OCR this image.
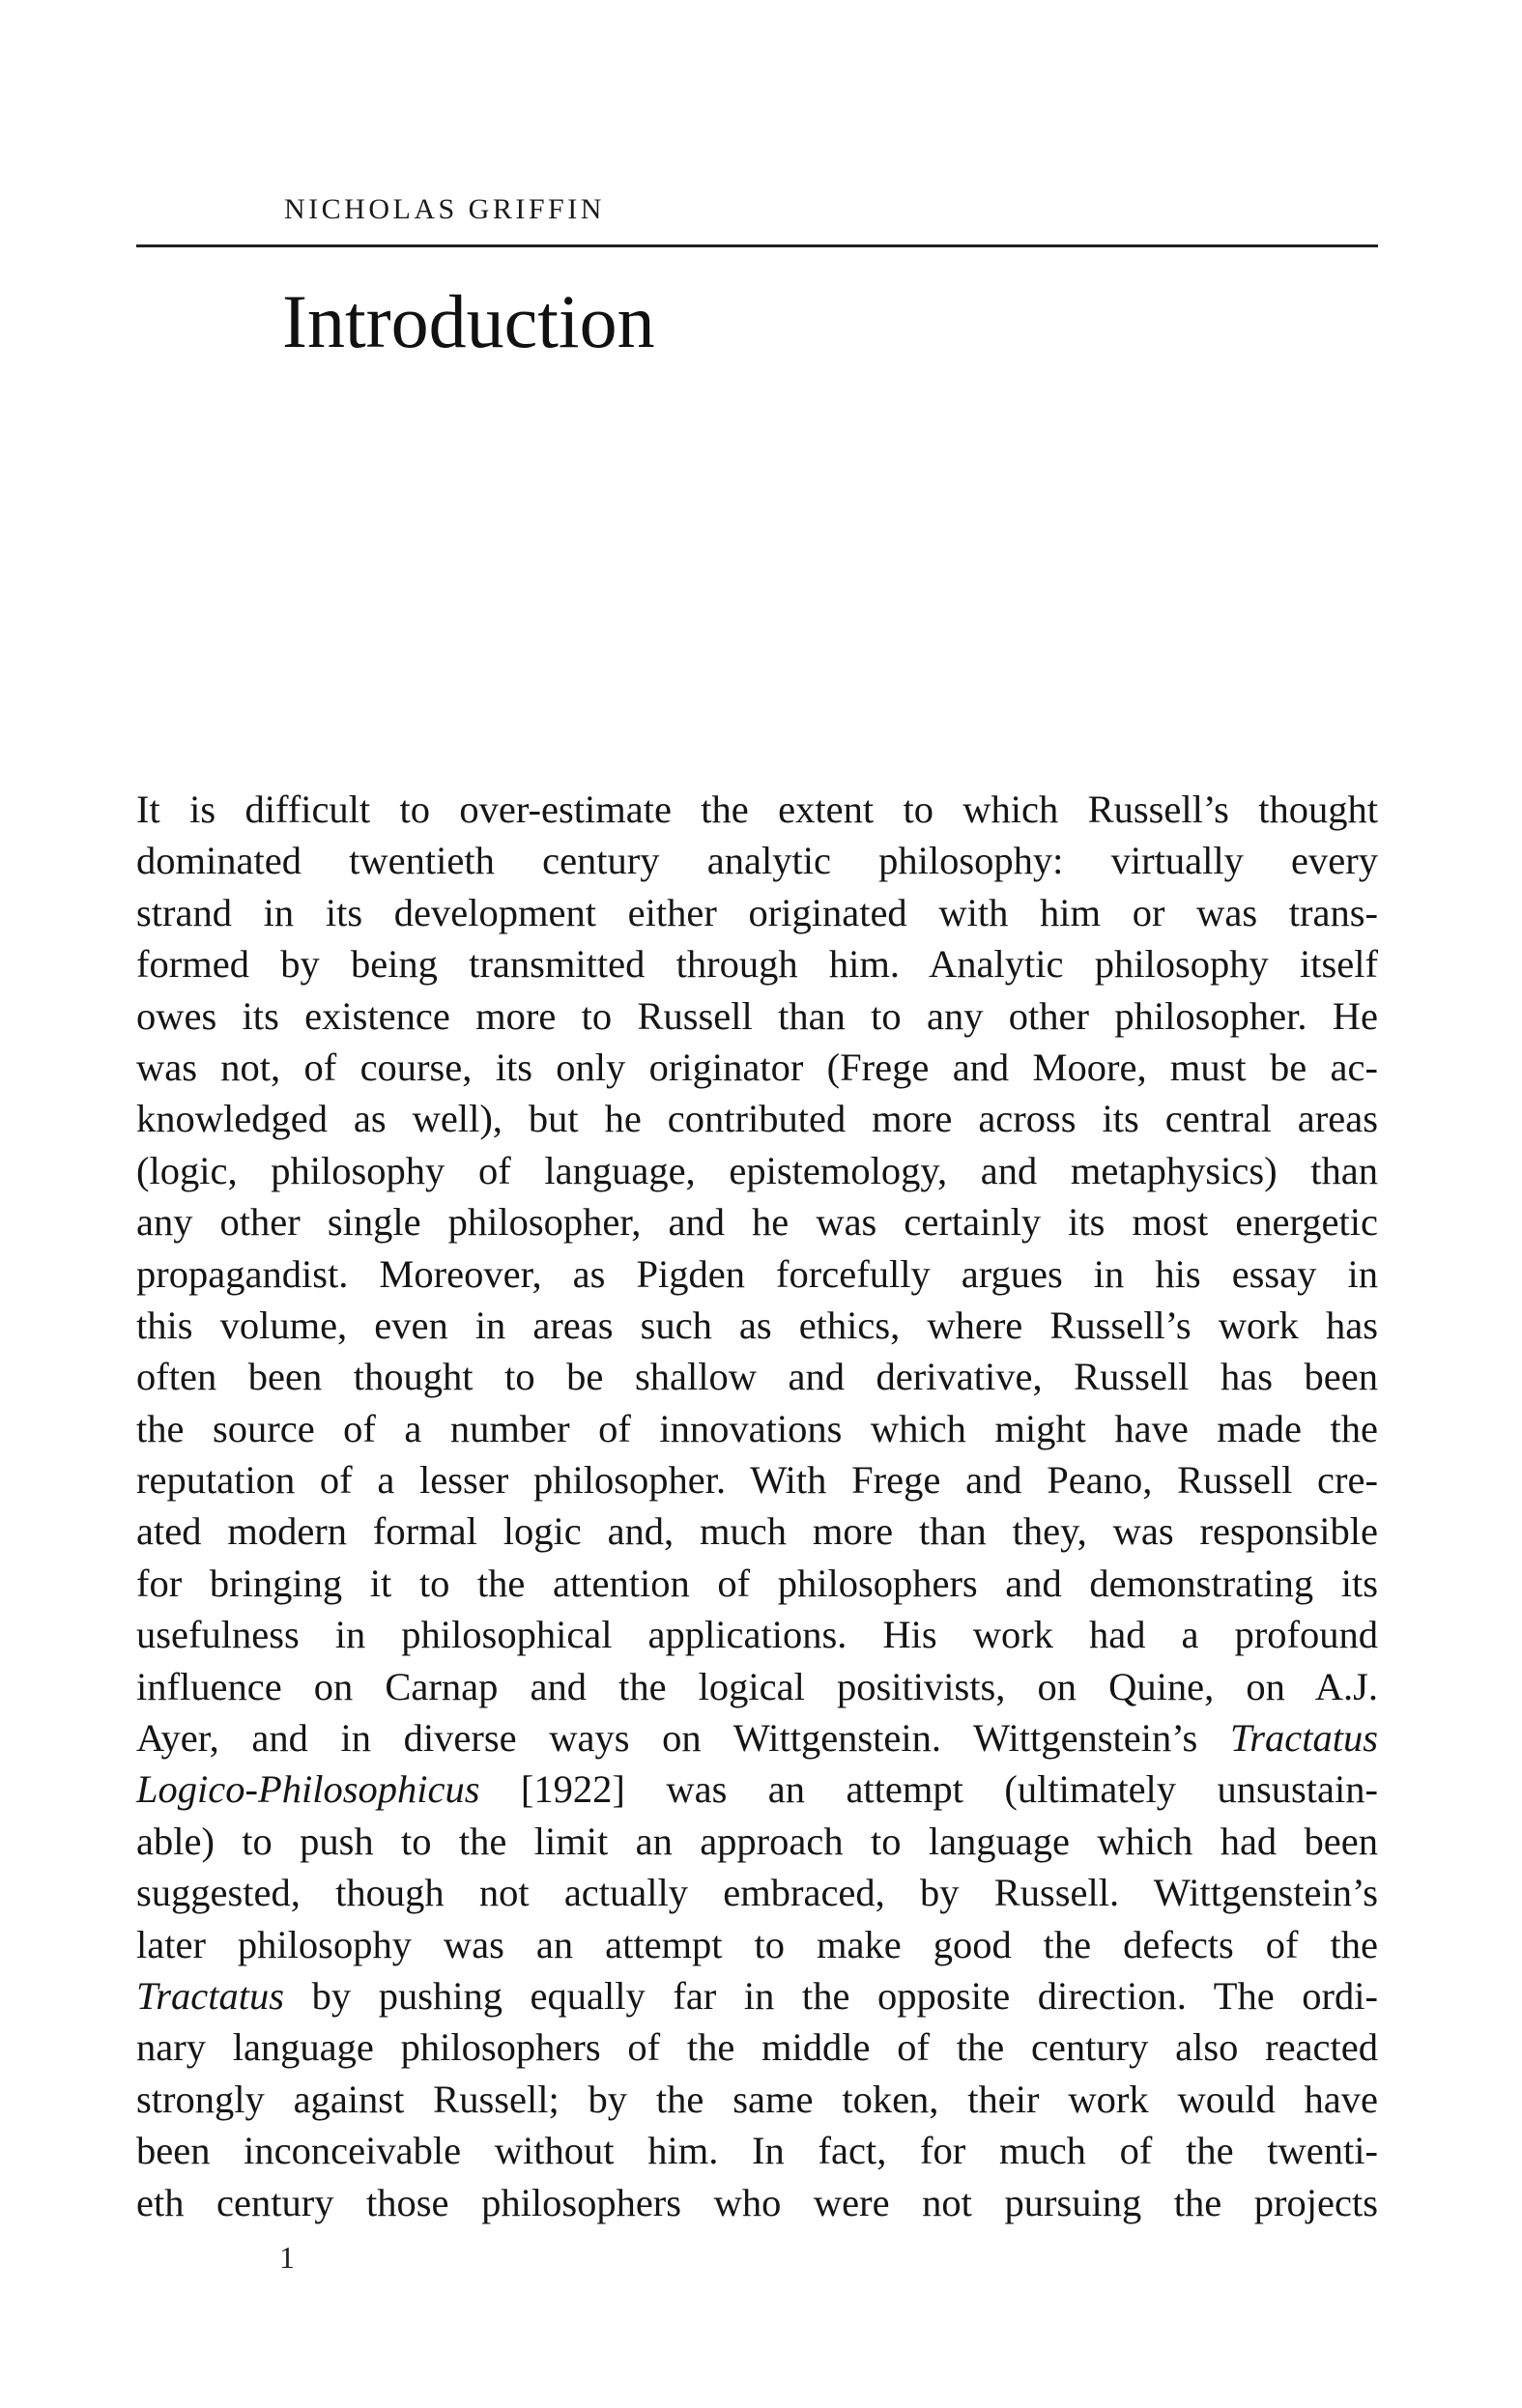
NICHOLAS GRIFFIN
Introduction
It is difficult to over-estimate the extent to which Russell’s thought
dominated twentieth century analytic philosophy: virtually every
strand in its development either originated with him or was trans-
formed by being transmitted through him. Analytic philosophy itself
owes its existence more to Russell than to any other philosopher. He
was not, of course, its only originator (Frege and Moore, must be ac-
knowledged as well), but he contributed more across its central areas
(logic, philosophy of language, epistemology, and metaphysics) than
any other single philosopher, and he was certainly its most energetic
propagandist. Moreover, as Pigden forcefully argues in his essay in
this volume, even in areas such as ethics, where Russell’s work has
often been thought to be shallow and derivative, Russell has been
the source of a number of innovations which might have made the
reputation of a lesser philosopher. With Frege and Peano, Russell cre-
ated modern formal logic and, much more than they, was responsible
for bringing it to the attention of philosophers and demonstrating its
usefulness in philosophical applications. His work had a profound
influence on Carnap and the logical positivists, on Quine, on A.J.
Ayer, and in diverse ways on Wittgenstein. Wittgenstein’s Tractatus
Logico-Philosophicus [1922] was an attempt (ultimately unsustain-
able) to push to the limit an approach to language which had been
suggested, though not actually embraced, by Russell. Wittgenstein’s
later philosophy was an attempt to make good the defects of the
Tractatus by pushing equally far in the opposite direction. The ordi-
nary language philosophers of the middle of the century also reacted
strongly against Russell; by the same token, their work would have
been inconceivable without him. In fact, for much of the twenti-
eth century those philosophers who were not pursuing the projects
1
